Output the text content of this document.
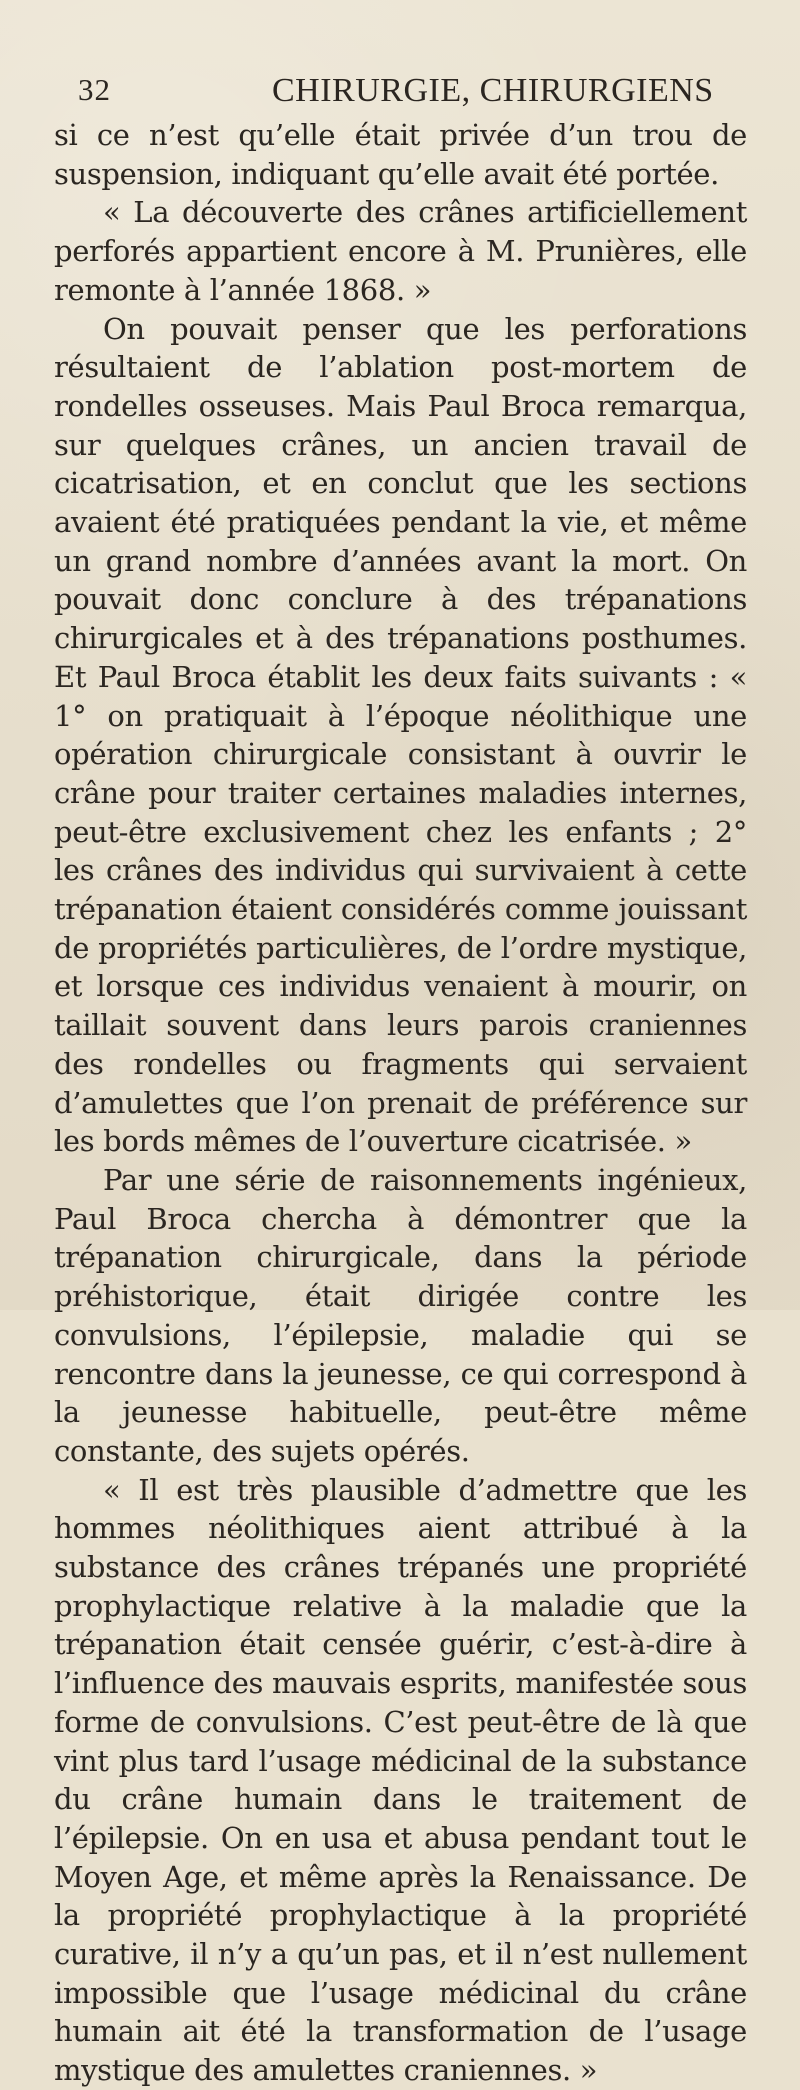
32	CHIRURGIE, CHIRURGIENS

si ce n’est qu’elle était privée d’un trou de suspension, indiquant qu’elle avait été portée.

« La découverte des crânes artificiellement perforés appartient encore à M. Prunières, elle remonte à l’année 1868. »

On pouvait penser que les perforations résultaient de l’ablation post-mortem de rondelles osseuses. Mais Paul Broca remarqua, sur quelques crânes, un ancien travail de cicatrisation, et en conclut que les sections avaient été pratiquées pendant la vie, et même un grand nombre d’années avant la mort. On pouvait donc conclure à des trépanations chirurgicales et à des trépanations posthumes. Et Paul Broca établit les deux faits suivants : « 1° on pratiquait à l’époque néolithique une opération chirurgicale consistant à ouvrir le crâne pour traiter certaines maladies internes, peut-être exclusivement chez les enfants ; 2° les crânes des individus qui survivaient à cette trépanation étaient considérés comme jouissant de propriétés particulières, de l’ordre mystique, et lorsque ces individus venaient à mourir, on taillait souvent dans leurs parois craniennes des rondelles ou fragments qui servaient d’amulettes que l’on prenait de préférence sur les bords mêmes de l’ouverture cicatrisée. »

Par une série de raisonnements ingénieux, Paul Broca chercha à démontrer que la trépanation chirurgicale, dans la période préhistorique, était dirigée contre les convulsions, l’épilepsie, maladie qui se rencontre dans la jeunesse, ce qui correspond à la jeunesse habituelle, peut-être même constante, des sujets opérés.

« Il est très plausible d’admettre que les hommes néolithiques aient attribué à la substance des crânes trépanés une propriété prophylactique relative à la maladie que la trépanation était censée guérir, c’est-à-dire à l’influence des mauvais esprits, manifestée sous forme de convulsions. C’est peut-être de là que vint plus tard l’usage médicinal de la substance du crâne humain dans le traitement de l’épilepsie. On en usa et abusa pendant tout le Moyen Age, et même après la Renaissance. De la propriété prophylactique à la propriété curative, il n’y a qu’un pas, et il n’est nullement impossible que l’usage médicinal du crâne humain ait été la transformation de l’usage mystique des amulettes craniennes. »
